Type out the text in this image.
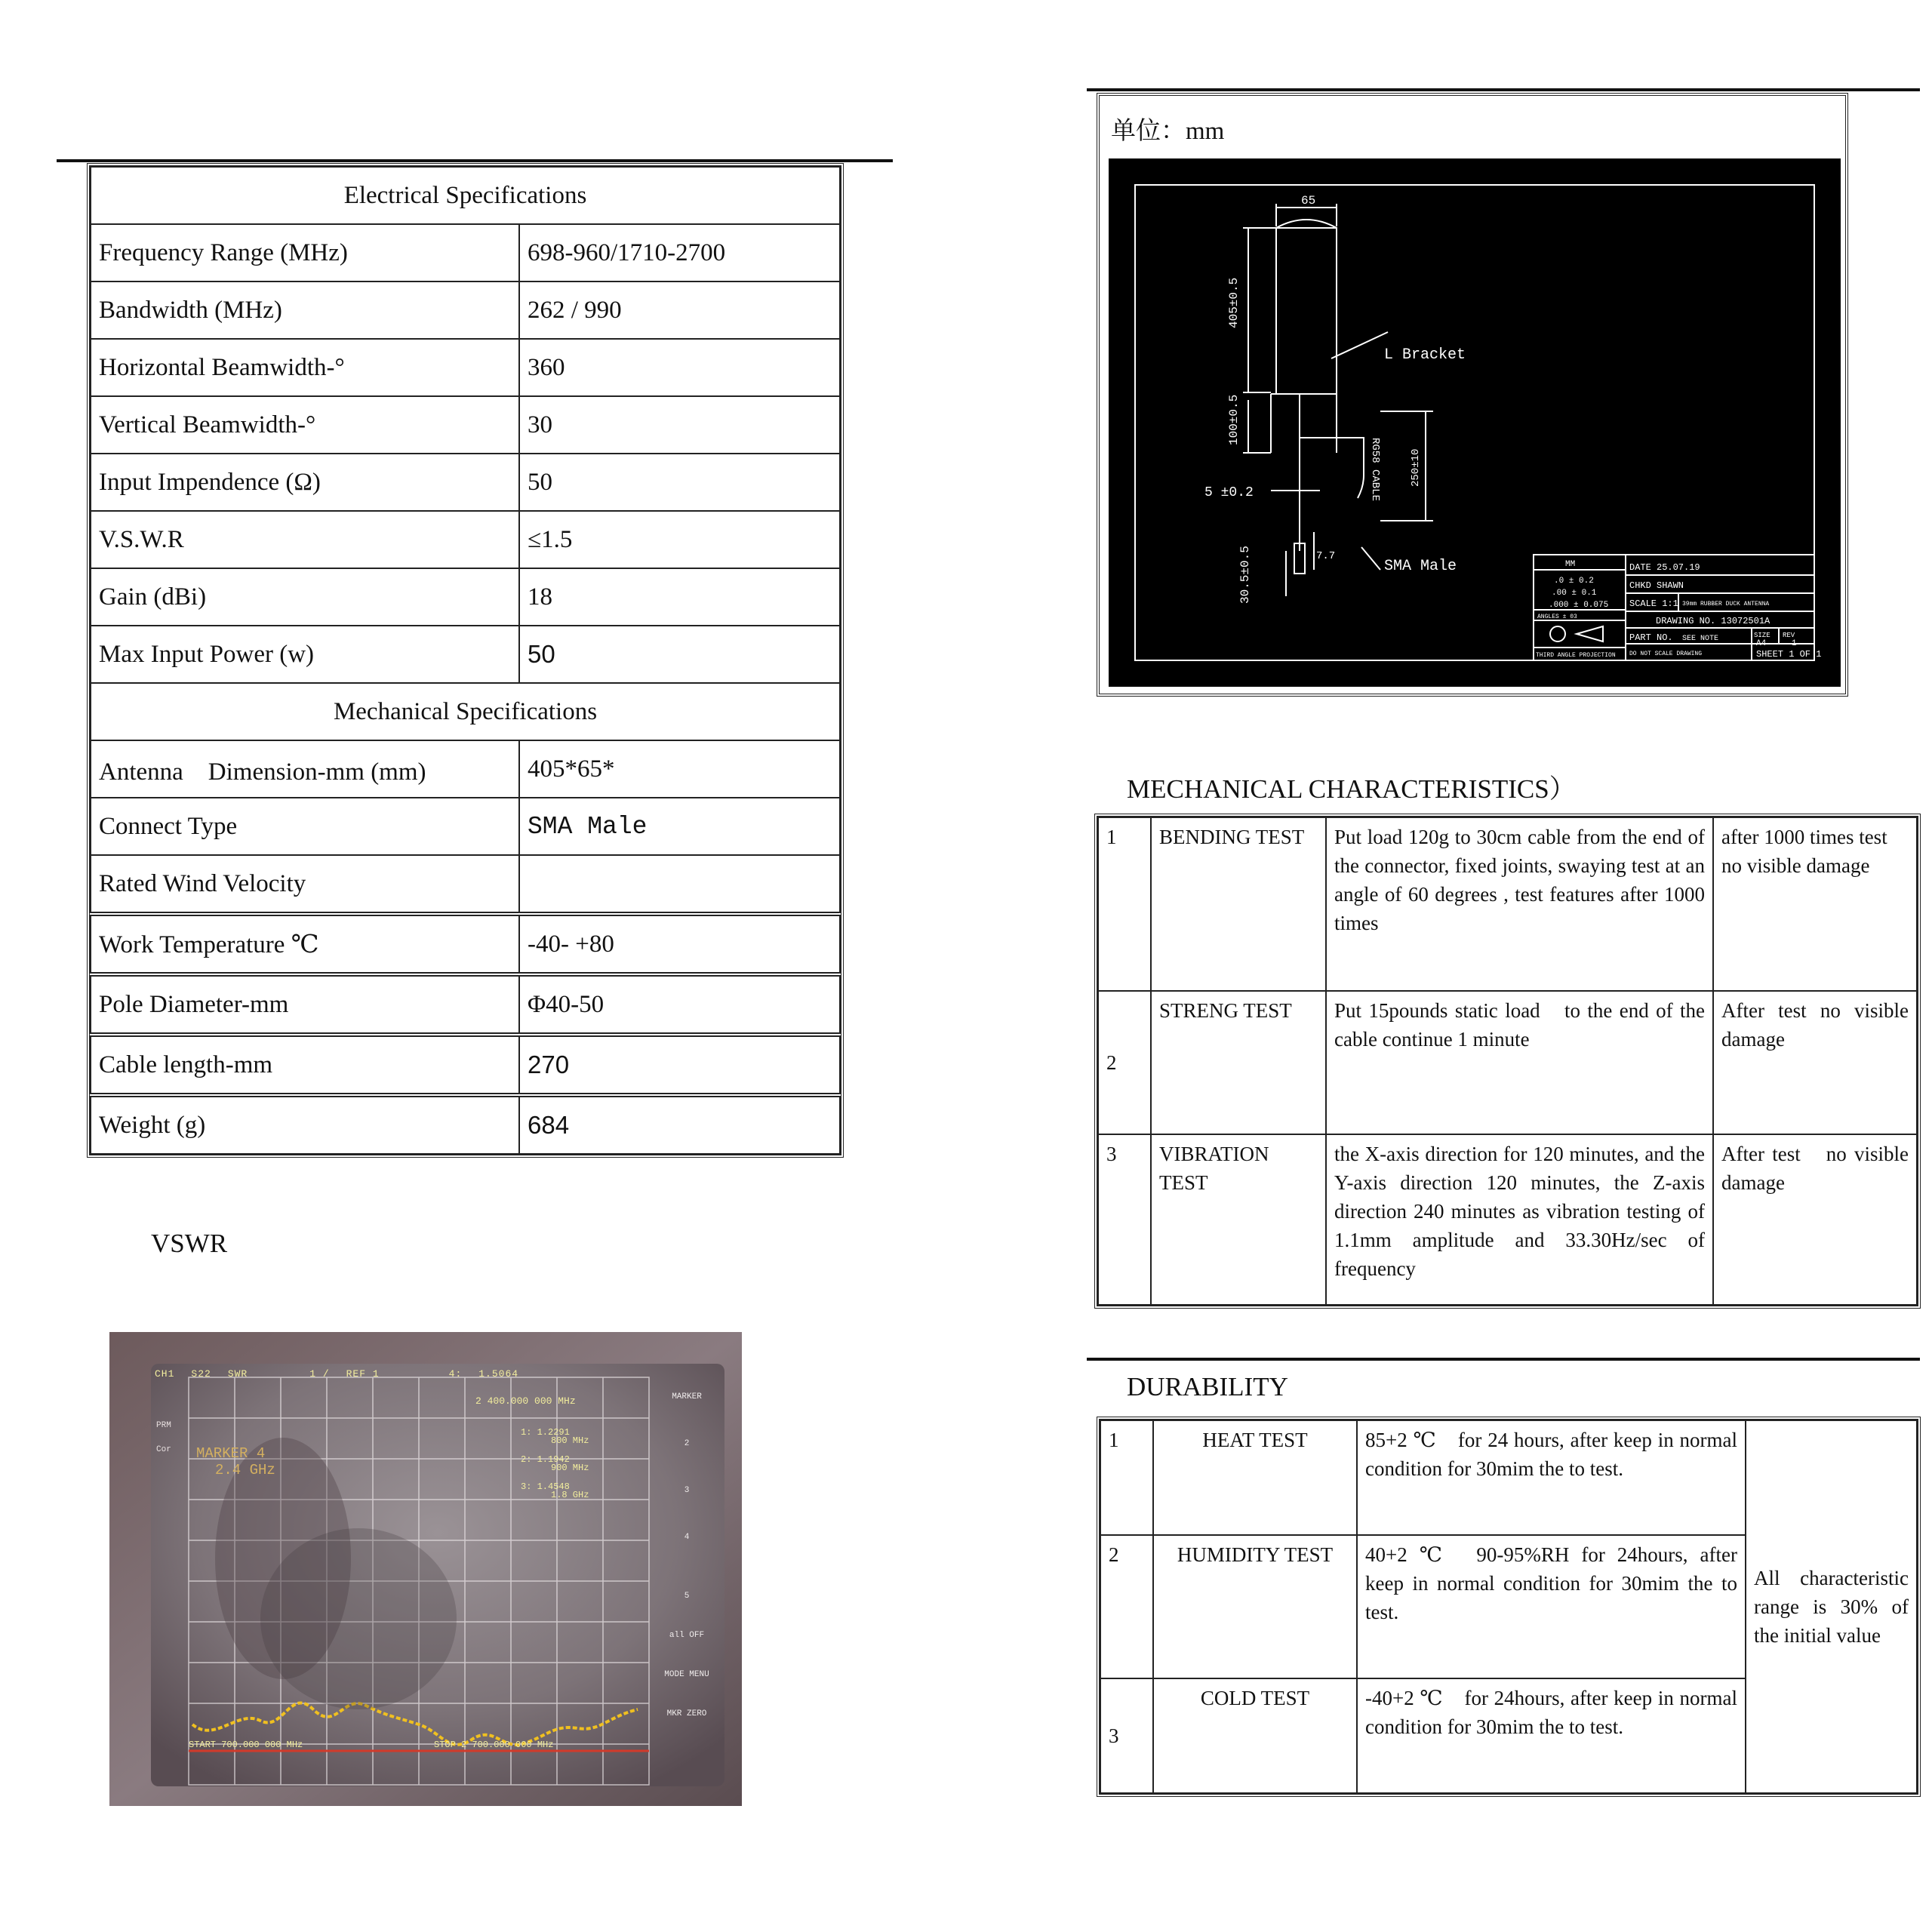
Electrical Specifications	
Frequency Range (MHz)	698-960/1710-2700
Bandwidth (MHz)	262 / 990
Horizontal Beamwidth-°	360
Vertical Beamwidth-°	30
Input Impendence (Ω)	50
V.S.W.R	≤1.5
Gain (dBi)	18
Max Input Power (w)	50
Mechanical Specifications	
Antenna　Dimension-mm (mm)	405*65*
Connect Type	SMA Male
Rated Wind Velocity	
Work Temperature ℃	-40- +80
Pole Diameter-mm	Φ40-50
Cable length-mm	270
Weight (g)	684
VSWR
CH1 S22 SWR	1 / REF 1	4: 1.5064
2 400.000 000 MHz
PRM
Cor MARKER 4
2.4 GHz
1: 1.2291
800 MHz
2: 1.1942
900 MHz
3: 1.4548
1.8 GHz
START 700.000 000 MHz	STOP 2 700.000 000 MHz
MARKER
2
3
4
5
all OFF
MODE MENU
MKR ZERO
单位：mm
65
405±0.5
100±0.5
250±10
30.5±0.5
5 ±0.2
7.7
L Bracket
RG58 CABLE
SMA Male	MM
.0 ± 0.2
.00 ± 0.1
.000 ± 0.075
ANGLES ± 03
THIRD ANGLE PROJECTION
DATE 25.07.19
CHKD SHAWN
SCALE 1:1 39mm RUBBER DUCK ANTENNA
DRAWING NO. 13072501A
PART NO. SEE NOTE	SIZE
A4
REV
1
DO NOT SCALE DRAWING	SHEET 1 OF 1
MECHANICAL CHARACTERISTICS）
1	BENDING TEST	Put load 120g to 30cm cable from the end of the connector, fixed joints, swaying test at an angle of 60 degrees , test features after 1000 times	after 1000 times test no visible damage
2	STRENG TEST	Put 15pounds static load　to the end of the cable continue 1 minute	After test no visible damage
3	VIBRATION TEST	the X-axis direction for 120 minutes, and the Y-axis direction 120 minutes, the Z-axis direction 240 minutes as vibration testing of 1.1mm amplitude and 33.30Hz/sec of frequency	After test　no visible damage
DURABILITY
1	HEAT TEST	85+2 ℃　for 24 hours, after keep in normal condition for 30mim the to test.	All characteristic range is 30% of the initial value
2	HUMIDITY TEST	40+2 ℃　90-95%RH for 24hours, after keep in normal condition for 30mim the to test.	
3	COLD TEST	-40+2 ℃　for 24hours, after keep in normal condition for 30mim the to test.	
